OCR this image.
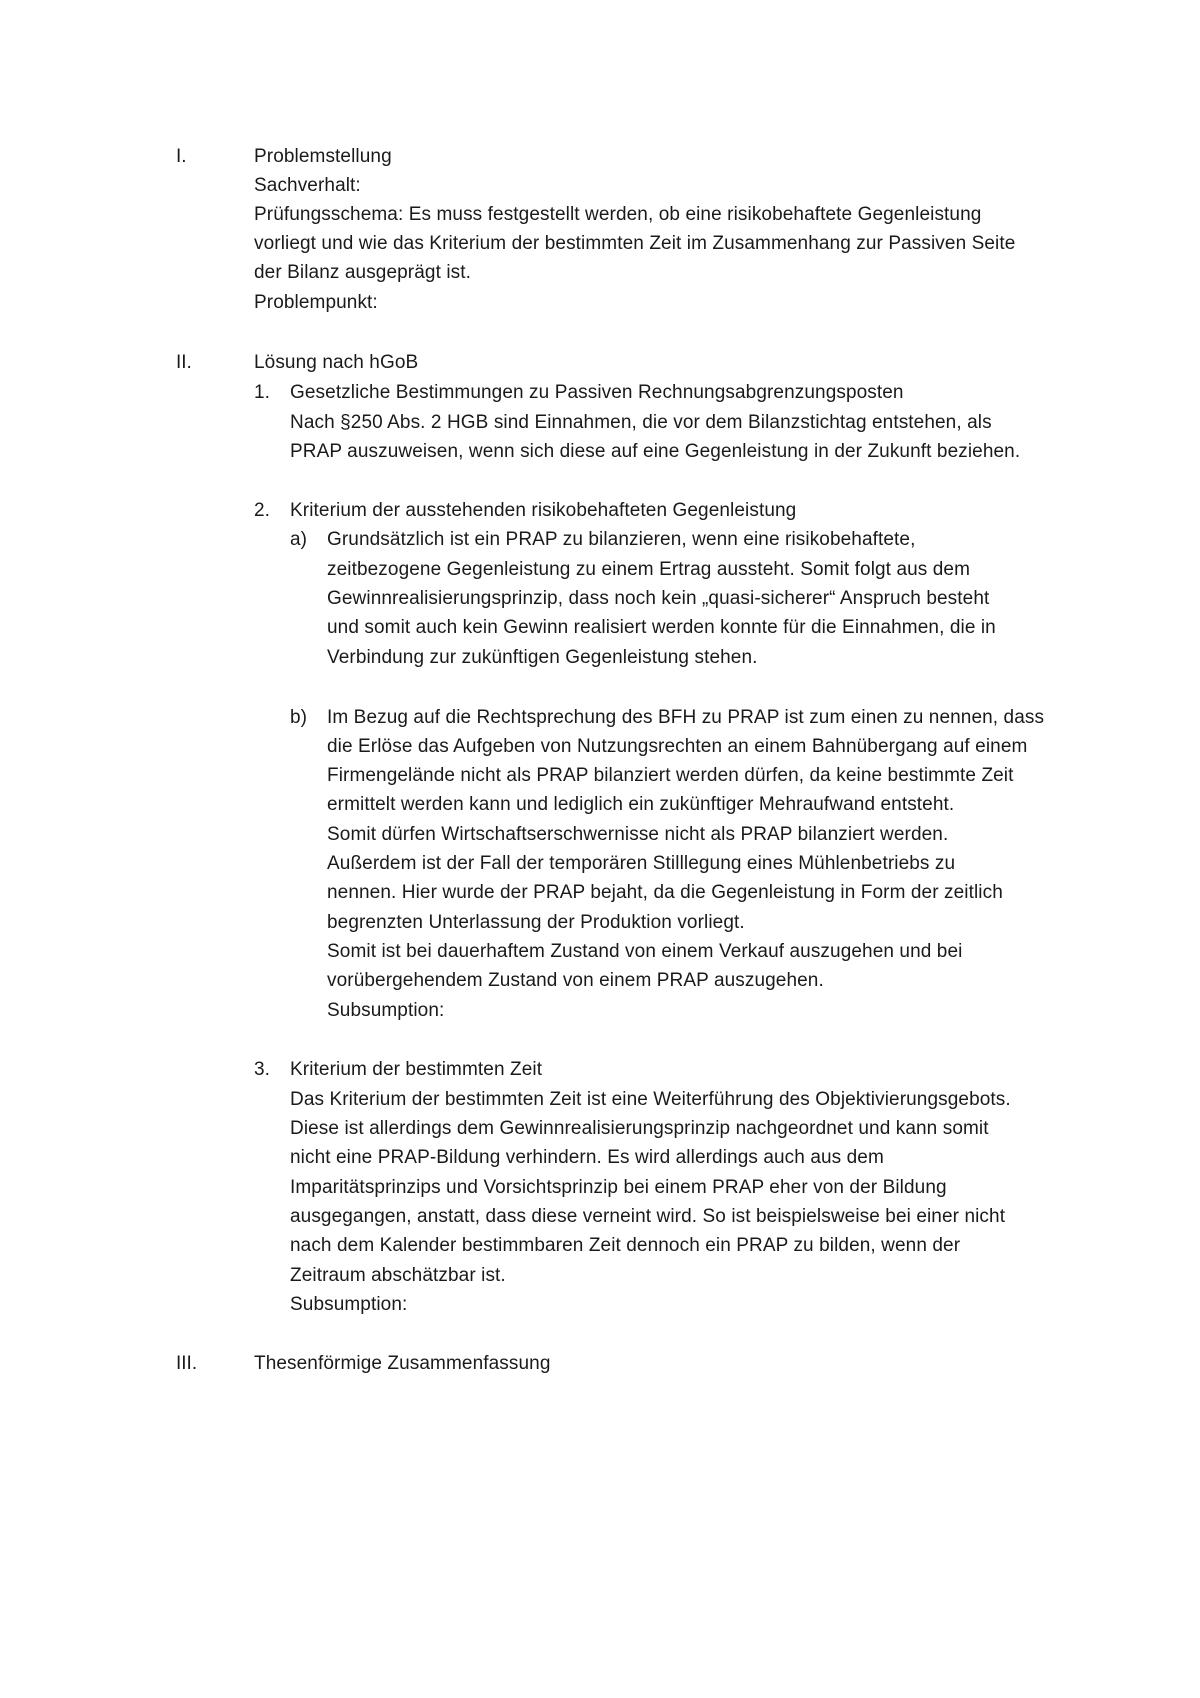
I.	Problemstellung
Sachverhalt:
Prüfungsschema: Es muss festgestellt werden, ob eine risikobehaftete Gegenleistung
vorliegt und wie das Kriterium der bestimmten Zeit im Zusammenhang zur Passiven Seite
der Bilanz ausgeprägt ist.
Problempunkt:
II.	Lösung nach hGoB
1. Gesetzliche Bestimmungen zu Passiven Rechnungsabgrenzungsposten
Nach §250 Abs. 2 HGB sind Einnahmen, die vor dem Bilanzstichtag entstehen, als
PRAP auszuweisen, wenn sich diese auf eine Gegenleistung in der Zukunft beziehen.
2. Kriterium der ausstehenden risikobehafteten Gegenleistung
a) Grundsätzlich ist ein PRAP zu bilanzieren, wenn eine risikobehaftete,
zeitbezogene Gegenleistung zu einem Ertrag aussteht. Somit folgt aus dem
Gewinnrealisierungsprinzip, dass noch kein „quasi-sicherer“ Anspruch besteht
und somit auch kein Gewinn realisiert werden konnte für die Einnahmen, die in
Verbindung zur zukünftigen Gegenleistung stehen.
b) Im Bezug auf die Rechtsprechung des BFH zu PRAP ist zum einen zu nennen, dass
die Erlöse das Aufgeben von Nutzungsrechten an einem Bahnübergang auf einem
Firmengelände nicht als PRAP bilanziert werden dürfen, da keine bestimmte Zeit
ermittelt werden kann und lediglich ein zukünftiger Mehraufwand entsteht.
Somit dürfen Wirtschaftserschwernisse nicht als PRAP bilanziert werden.
Außerdem ist der Fall der temporären Stilllegung eines Mühlenbetriebs zu
nennen. Hier wurde der PRAP bejaht, da die Gegenleistung in Form der zeitlich
begrenzten Unterlassung der Produktion vorliegt.
Somit ist bei dauerhaftem Zustand von einem Verkauf auszugehen und bei
vorübergehendem Zustand von einem PRAP auszugehen.
Subsumption:
3. Kriterium der bestimmten Zeit
Das Kriterium der bestimmten Zeit ist eine Weiterführung des Objektivierungsgebots.
Diese ist allerdings dem Gewinnrealisierungsprinzip nachgeordnet und kann somit
nicht eine PRAP-Bildung verhindern. Es wird allerdings auch aus dem
Imparitätsprinzips und Vorsichtsprinzip bei einem PRAP eher von der Bildung
ausgegangen, anstatt, dass diese verneint wird. So ist beispielsweise bei einer nicht
nach dem Kalender bestimmbaren Zeit dennoch ein PRAP zu bilden, wenn der
Zeitraum abschätzbar ist.
Subsumption:
III.	Thesenförmige Zusammenfassung
